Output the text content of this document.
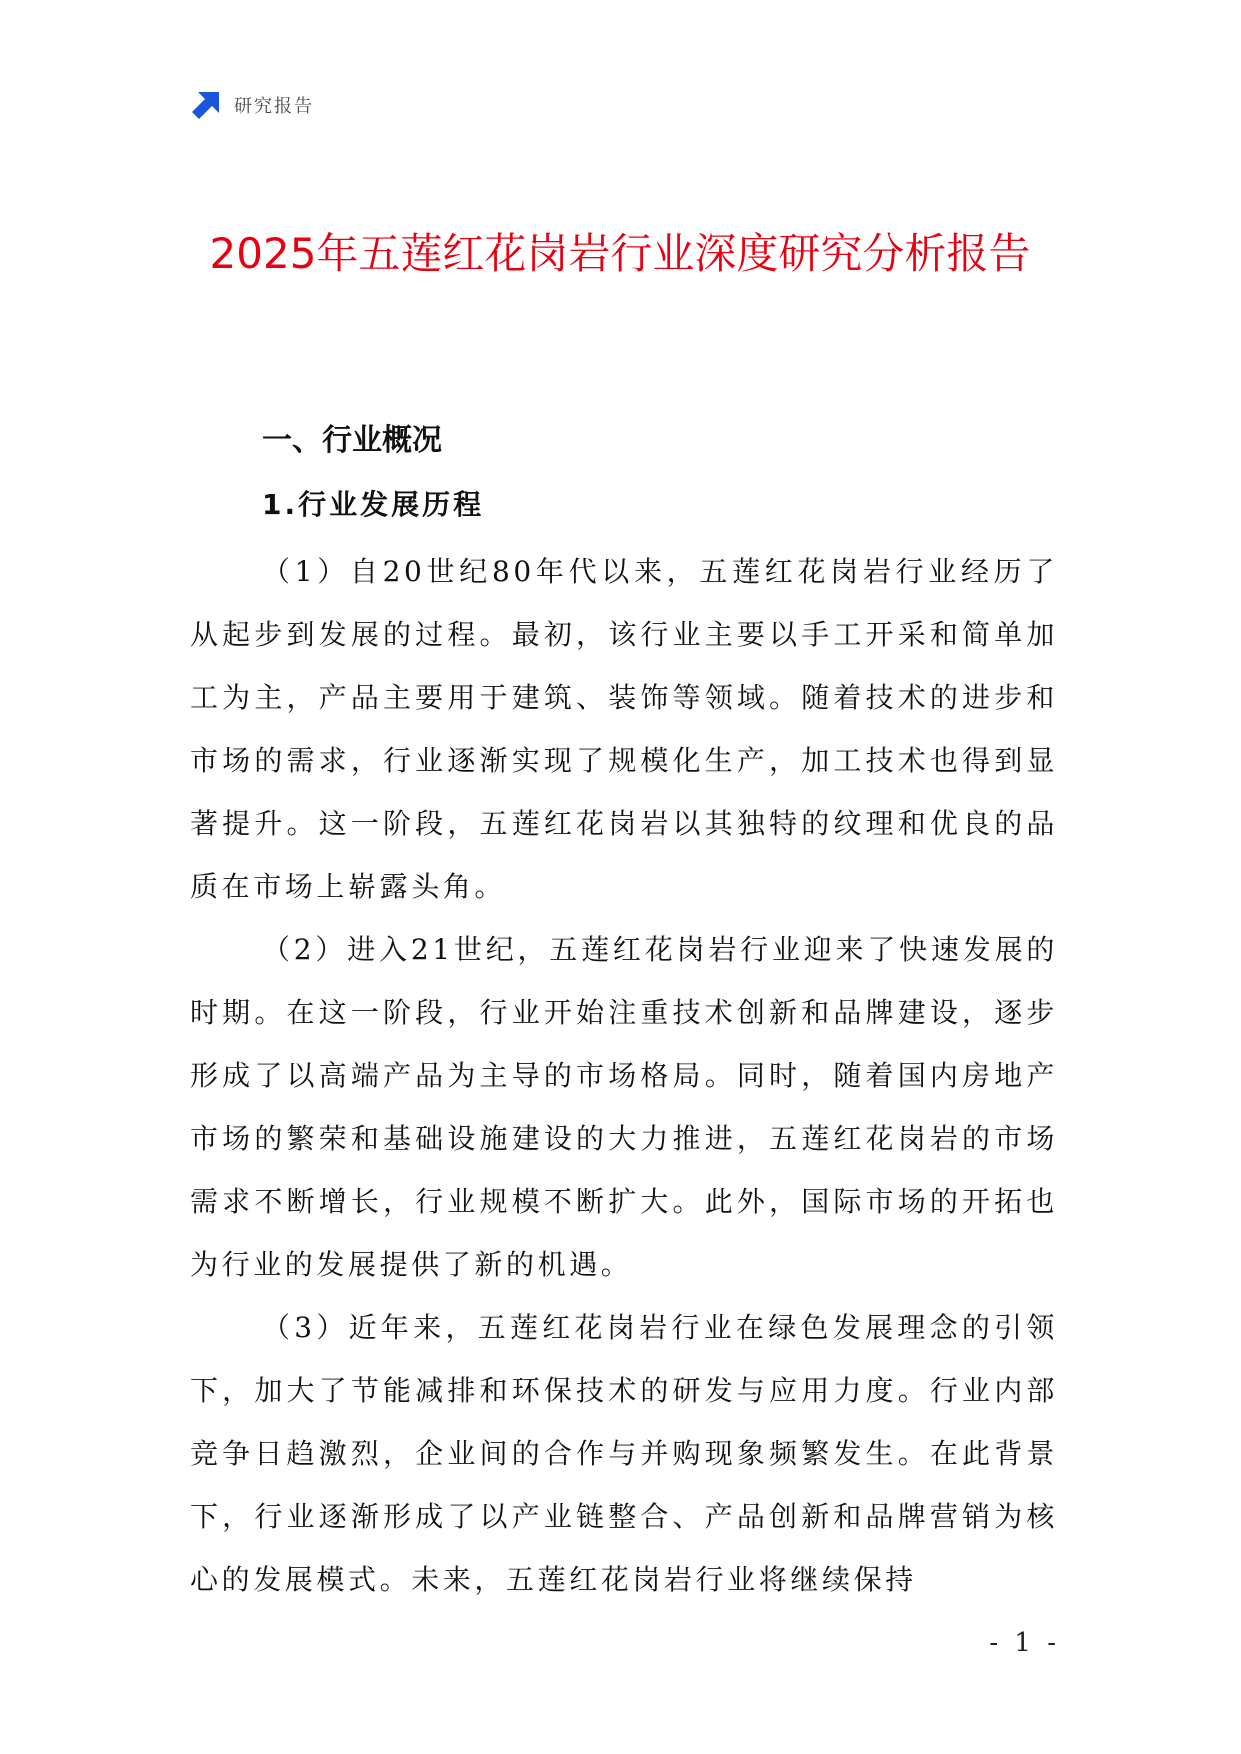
研究报告
2025年五莲红花岗岩行业深度研究分析报告
一、行业概况
1.行业发展历程

（1）自20世纪80年代以来，五莲红花岗岩行业经历了从起步到发展的过程。最初，该行业主要以手工开采和简单加工为主，产品主要用于建筑、装饰等领域。随着技术的进步和市场的需求，行业逐渐实现了规模化生产，加工技术也得到显著提升。这一阶段，五莲红花岗岩以其独特的纹理和优良的品质在市场上崭露头角。

（2）进入21世纪，五莲红花岗岩行业迎来了快速发展的时期。在这一阶段，行业开始注重技术创新和品牌建设，逐步形成了以高端产品为主导的市场格局。同时，随着国内房地产市场的繁荣和基础设施建设的大力推进，五莲红花岗岩的市场需求不断增长，行业规模不断扩大。此外，国际市场的开拓也为行业的发展提供了新的机遇。

（3）近年来，五莲红花岗岩行业在绿色发展理念的引领下，加大了节能减排和环保技术的研发与应用力度。行业内部竞争日趋激烈，企业间的合作与并购现象频繁发生。在此背景下，行业逐渐形成了以产业链整合、产品创新和品牌营销为核心的发展模式。未来，五莲红花岗岩行业将继续保持

- 1 -
